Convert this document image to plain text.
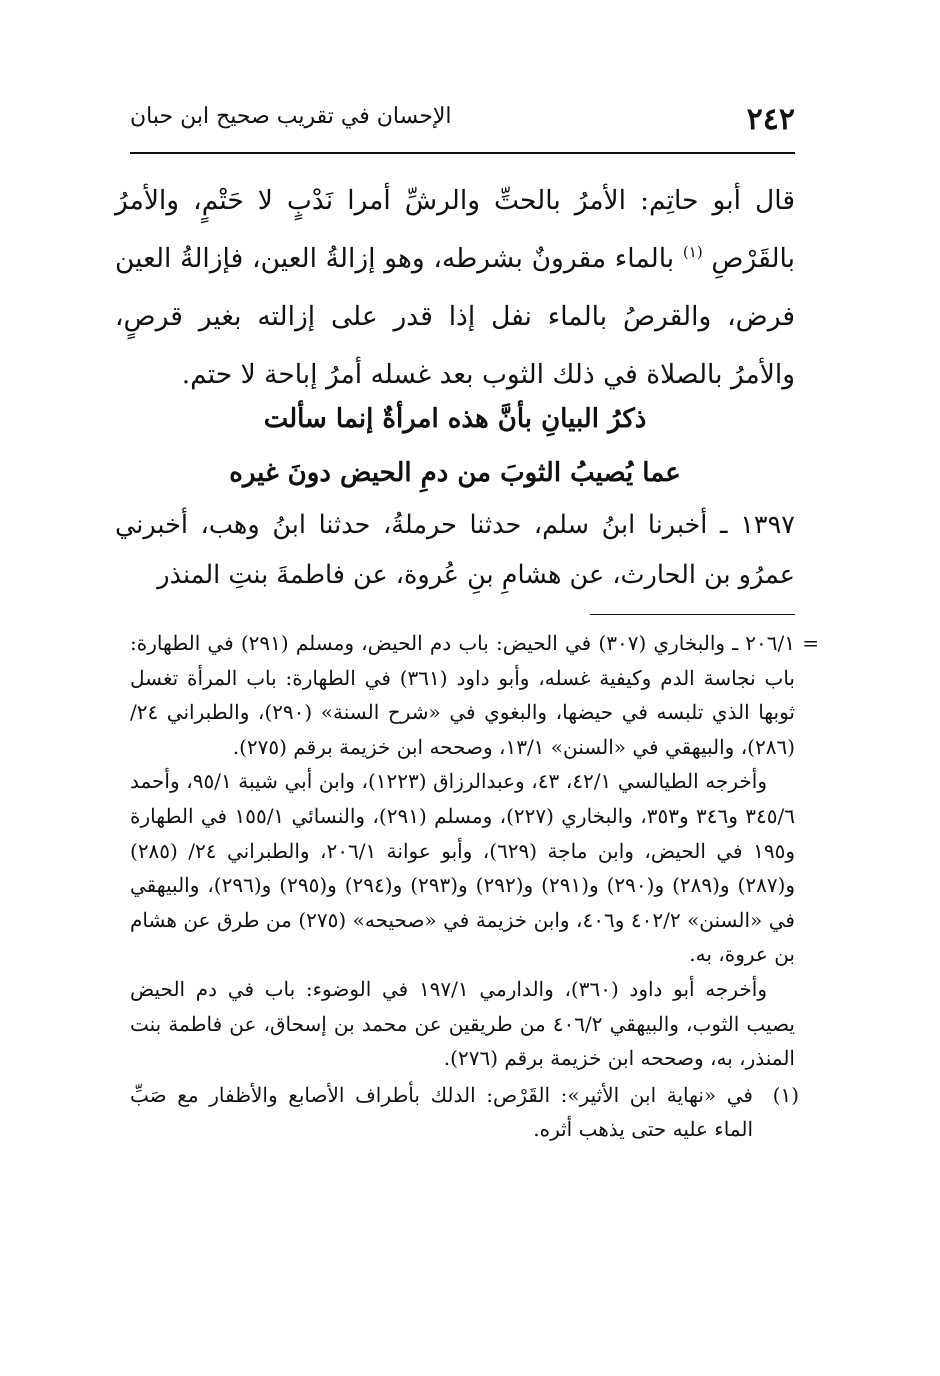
٢٤٢
الإحسان في تقريب صحيح ابن حبان

قال أبو حاتِم: الأمرُ بالحتِّ والرشِّ أمرا نَدْبٍ لا حَتْمٍ، والأمرُ بالقَرْصِ $^{(١)}$ بالماء مقرونٌ بشرطه، وهو إزالةُ العين، فإزالةُ العين فرض، والقرصُ بالماء نفل إذا قدر على إزالته بغير قرصٍ، والأمرُ بالصلاة في ذلك الثوب بعد غسله أمرُ إباحة لا حتم.

ذكرُ البيانِ بأنَّ هذه امرأةٌ إنما سألت
عما يُصيبُ الثوبَ من دمِ الحيض دونَ غيره

١٣٩٧ ـ أخبرنا ابنُ سلم، حدثنا حرملةُ، حدثنا ابنُ وهب، أخبرني عمرُو بن الحارث، عن هشامِ بنِ عُروة، عن فاطمةَ بنتِ المنذر

=

٢٠٦/١ ـ والبخاري (٣٠٧) في الحيض: باب دم الحيض، ومسلم (٢٩١) في الطهارة: باب نجاسة الدم وكيفية غسله، وأبو داود (٣٦١) في الطهارة: باب المرأة تغسل ثوبها الذي تلبسه في حيضها، والبغوي في «شرح السنة» (٢٩٠)، والطبراني ٢٤/ (٢٨٦)، والبيهقي في «السنن» ١٣/١، وصححه ابن خزيمة برقم (٢٧٥).

وأخرجه الطيالسي ٤٢/١، ٤٣، وعبدالرزاق (١٢٢٣)، وابن أبي شيبة ٩٥/١، وأحمد ٣٤٥/٦ و٣٤٦ و٣٥٣، والبخاري (٢٢٧)، ومسلم (٢٩١)، والنسائي ١٥٥/١ في الطهارة و١٩٥ في الحيض، وابن ماجة (٦٢٩)، وأبو عوانة ٢٠٦/١، والطبراني ٢٤/ (٢٨٥) و(٢٨٧) و(٢٨٩) و(٢٩٠) و(٢٩١) و(٢٩٢) و(٢٩٣) و(٢٩٤) و(٢٩٥) و(٢٩٦)، والبيهقي في «السنن» ٤٠٢/٢ و٤٠٦، وابن خزيمة في «صحيحه» (٢٧٥) من طرق عن هشام بن عروة، به.

وأخرجه أبو داود (٣٦٠)، والدارمي ١٩٧/١ في الوضوء: باب في دم الحيض يصيب الثوب، والبيهقي ٤٠٦/٢ من طريقين عن محمد بن إسحاق، عن فاطمة بنت المنذر، به، وصححه ابن خزيمة برقم (٢٧٦).

(١)

في «نهاية ابن الأثير»: القَرْص: الدلك بأطراف الأصابع والأظفار مع صَبِّ الماء عليه حتى يذهب أثره.
